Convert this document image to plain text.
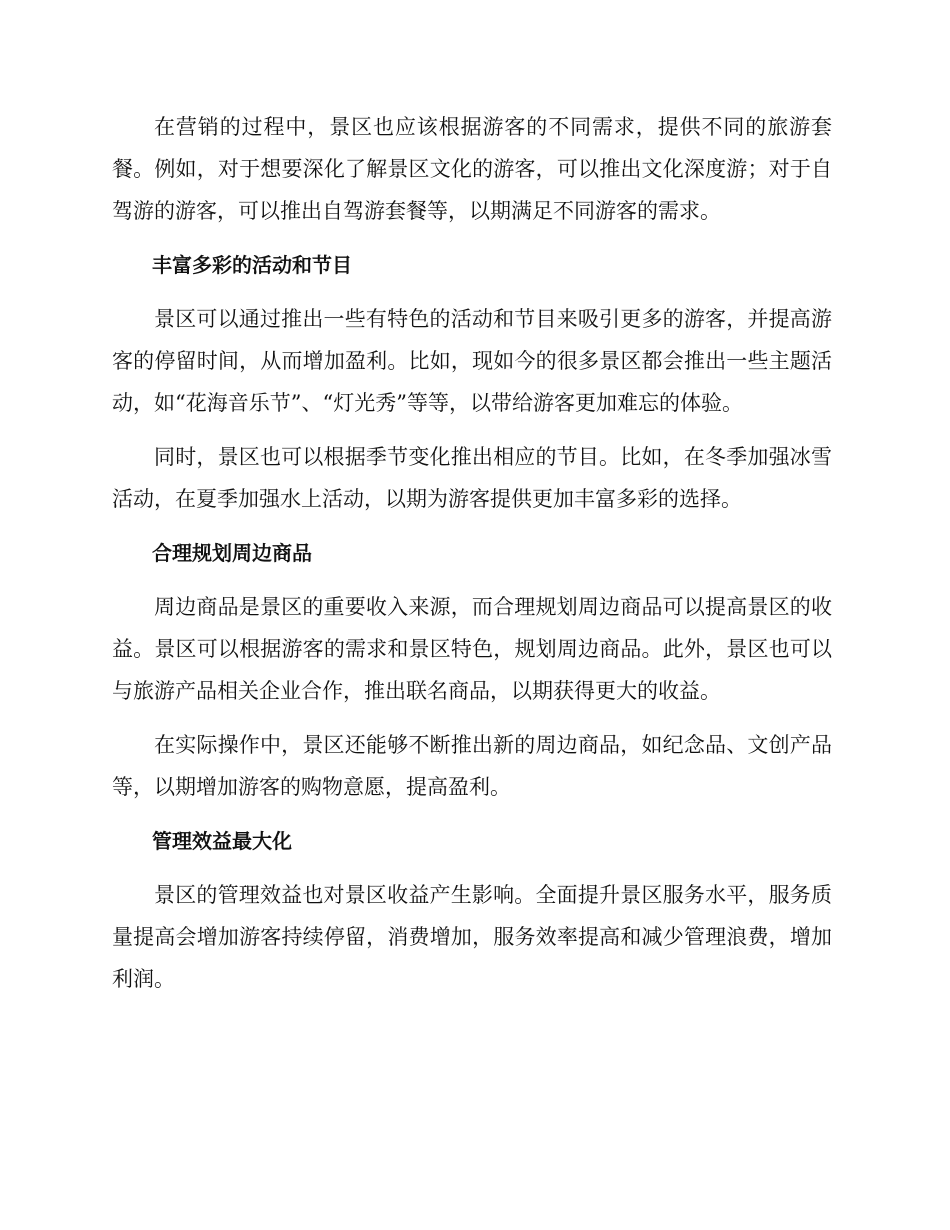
在营销的过程中，景区也应该根据游客的不同需求，提供不同的旅游套餐。例如，对于想要深化了解景区文化的游客，可以推出文化深度游；对于自驾游的游客，可以推出自驾游套餐等，以期满足不同游客的需求。

丰富多彩的活动和节目

景区可以通过推出一些有特色的活动和节目来吸引更多的游客，并提高游客的停留时间，从而增加盈利。比如，现如今的很多景区都会推出一些主题活动，如“花海音乐节”、“灯光秀”等等，以带给游客更加难忘的体验。

同时，景区也可以根据季节变化推出相应的节目。比如，在冬季加强冰雪活动，在夏季加强水上活动，以期为游客提供更加丰富多彩的选择。

合理规划周边商品

周边商品是景区的重要收入来源，而合理规划周边商品可以提高景区的收益。景区可以根据游客的需求和景区特色，规划周边商品。此外，景区也可以与旅游产品相关企业合作，推出联名商品，以期获得更大的收益。

在实际操作中，景区还能够不断推出新的周边商品，如纪念品、文创产品等，以期增加游客的购物意愿，提高盈利。

管理效益最大化

景区的管理效益也对景区收益产生影响。全面提升景区服务水平，服务质量提高会增加游客持续停留，消费增加，服务效率提高和减少管理浪费，增加利润。
